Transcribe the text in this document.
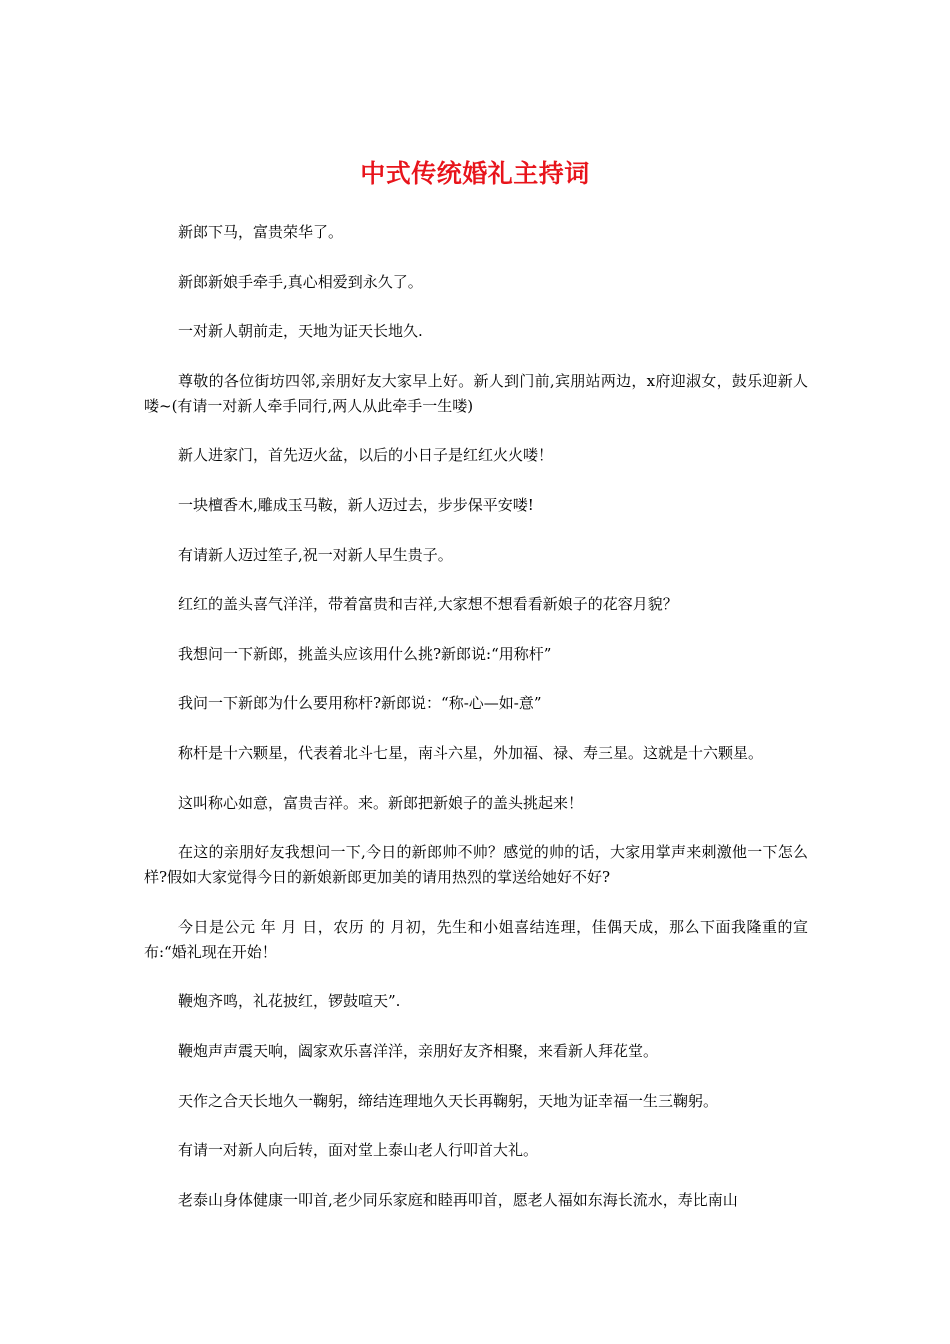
中式传统婚礼主持词

新郎下马，富贵荣华了。

新郎新娘手牵手,真心相爱到永久了。

一对新人朝前走，天地为证天长地久.

尊敬的各位街坊四邻,亲朋好友大家早上好。新人到门前,宾朋站两边，x府迎淑女，鼓乐迎新人喽~(有请一对新人牵手同行,两人从此牵手一生喽)

新人进家门，首先迈火盆，以后的小日子是红红火火喽！

一块檀香木,雕成玉马鞍，新人迈过去，步步保平安喽!

有请新人迈过笙子,祝一对新人早生贵子。

红红的盖头喜气洋洋，带着富贵和吉祥,大家想不想看看新娘子的花容月貌？

我想问一下新郎，挑盖头应该用什么挑?新郎说:“用称杆”

我问一下新郎为什么要用称杆?新郎说：“称-心—如-意”

称杆是十六颗星，代表着北斗七星，南斗六星，外加福、禄、寿三星。这就是十六颗星。

这叫称心如意，富贵吉祥。来。新郎把新娘子的盖头挑起来！

在这的亲朋好友我想问一下,今日的新郎帅不帅？感觉的帅的话，大家用掌声来刺激他一下怎么样?假如大家觉得今日的新娘新郎更加美的请用热烈的掌送给她好不好?

今日是公元 年 月 日，农历 的 月初，先生和小姐喜结连理，佳偶天成，那么下面我隆重的宣布:“婚礼现在开始！

鞭炮齐鸣，礼花披红，锣鼓喧天”.

鞭炮声声震天响，阖家欢乐喜洋洋，亲朋好友齐相聚，来看新人拜花堂。

天作之合天长地久一鞠躬，缔结连理地久天长再鞠躬，天地为证幸福一生三鞠躬。

有请一对新人向后转，面对堂上泰山老人行叩首大礼。

老泰山身体健康一叩首,老少同乐家庭和睦再叩首，愿老人福如东海长流水，寿比南山
